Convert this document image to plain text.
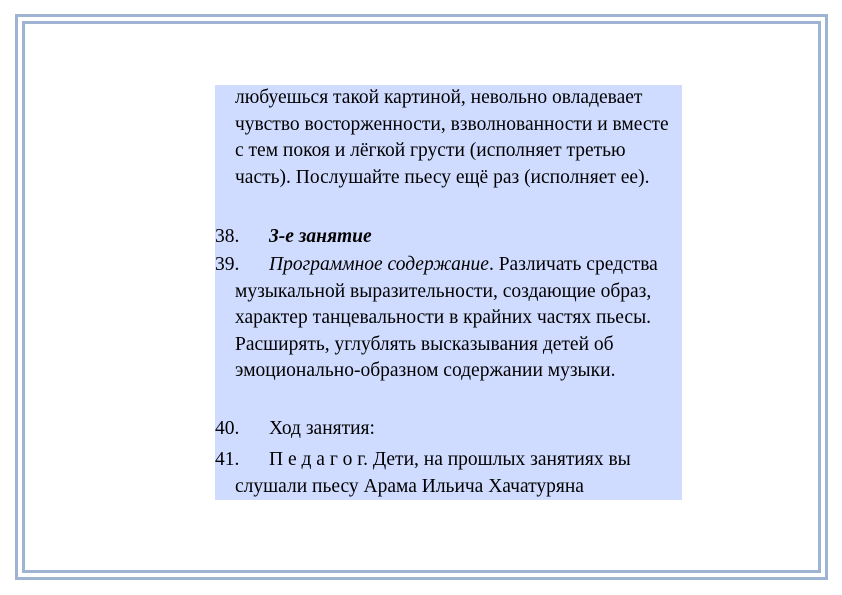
любуешься такой картиной, невольно овладевает чувство восторженности, взволнованности и вместе с тем покоя и лёгкой грусти (исполняет третью часть). Послушайте пьесу ещё раз (исполняет ее).
38.	3-е занятие
39.	Программное содержание. Различать средства музыкальной выразительности, создающие образ, характер танцевальности в крайних частях пьесы. Расширять, углублять высказывания детей об эмоционально-образном содержании музыки.
40.	Ход занятия:
41.	П е д а г о г. Дети, на прошлых занятиях вы слушали пьесу Арама Ильича Хачатуряна
